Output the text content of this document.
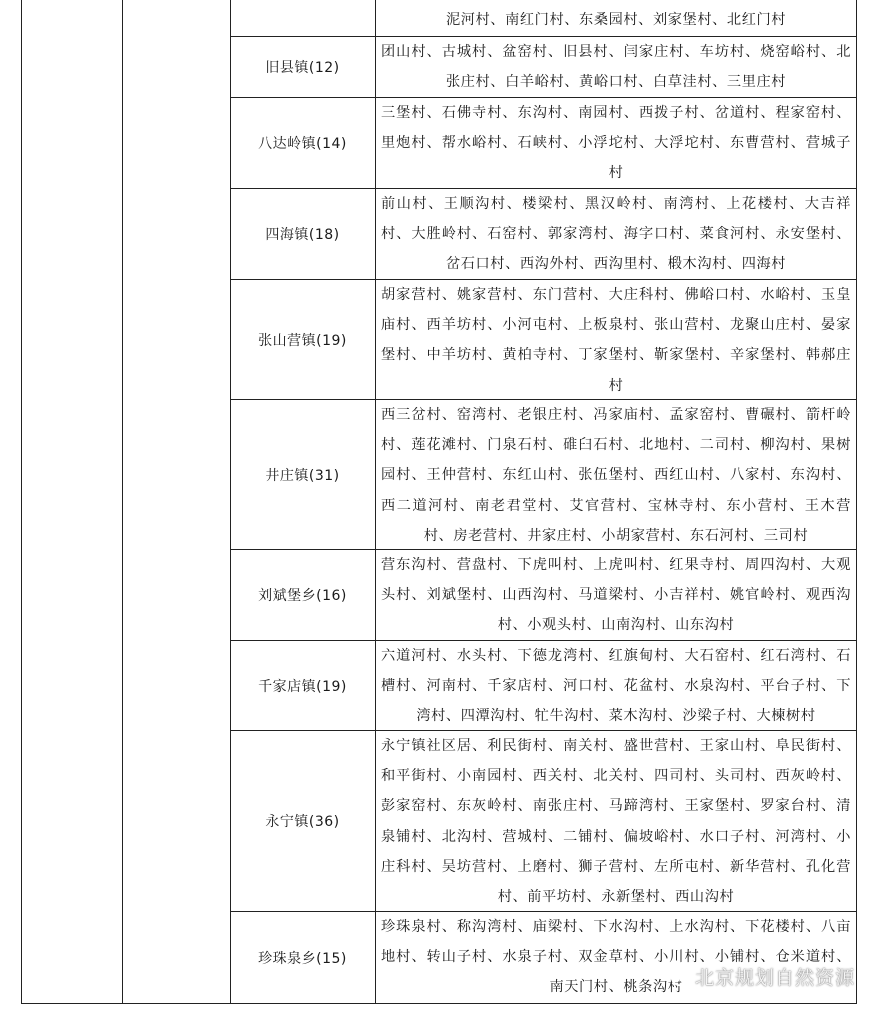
泥河村、南红门村、东桑园村、刘家堡村、北红门村
旧县镇(12)
团山村、古城村、盆窑村、旧县村、闫家庄村、车坊村、烧窑峪村、北张庄村、白羊峪村、黄峪口村、白草洼村、三里庄村
八达岭镇(14)
三堡村、石佛寺村、东沟村、南园村、西拨子村、岔道村、程家窑村、里炮村、帮水峪村、石峡村、小浮坨村、大浮坨村、东曹营村、营城子村
四海镇(18)
前山村、王顺沟村、楼梁村、黑汉岭村、南湾村、上花楼村、大吉祥村、大胜岭村、石窑村、郭家湾村、海字口村、菜食河村、永安堡村、岔石口村、西沟外村、西沟里村、椴木沟村、四海村
张山营镇(19)
胡家营村、姚家营村、东门营村、大庄科村、佛峪口村、水峪村、玉皇庙村、西羊坊村、小河屯村、上板泉村、张山营村、龙聚山庄村、晏家堡村、中羊坊村、黄柏寺村、丁家堡村、靳家堡村、辛家堡村、韩郝庄村
井庄镇(31)
西三岔村、窑湾村、老银庄村、冯家庙村、孟家窑村、曹碾村、箭杆岭村、莲花滩村、门泉石村、碓臼石村、北地村、二司村、柳沟村、果树园村、王仲营村、东红山村、张伍堡村、西红山村、八家村、东沟村、西二道河村、南老君堂村、艾官营村、宝林寺村、东小营村、王木营村、房老营村、井家庄村、小胡家营村、东石河村、三司村
刘斌堡乡(16)
营东沟村、营盘村、下虎叫村、上虎叫村、红果寺村、周四沟村、大观头村、刘斌堡村、山西沟村、马道梁村、小吉祥村、姚官岭村、观西沟村、小观头村、山南沟村、山东沟村
千家店镇(19)
六道河村、水头村、下德龙湾村、红旗甸村、大石窑村、红石湾村、石槽村、河南村、千家店村、河口村、花盆村、水泉沟村、平台子村、下湾村、四潭沟村、牤牛沟村、菜木沟村、沙梁子村、大楝树村
永宁镇(36)
永宁镇社区居、利民街村、南关村、盛世营村、王家山村、阜民街村、和平街村、小南园村、西关村、北关村、四司村、头司村、西灰岭村、彭家窑村、东灰岭村、南张庄村、马蹄湾村、王家堡村、罗家台村、清泉铺村、北沟村、营城村、二铺村、偏坡峪村、水口子村、河湾村、小庄科村、吴坊营村、上磨村、狮子营村、左所屯村、新华营村、孔化营村、前平坊村、永新堡村、西山沟村
珍珠泉乡(15)
珍珠泉村、称沟湾村、庙梁村、下水沟村、上水沟村、下花楼村、八亩地村、转山子村、水泉子村、双金草村、小川村、小铺村、仓米道村、南天门村、桃条沟村 北京规划自然资源
